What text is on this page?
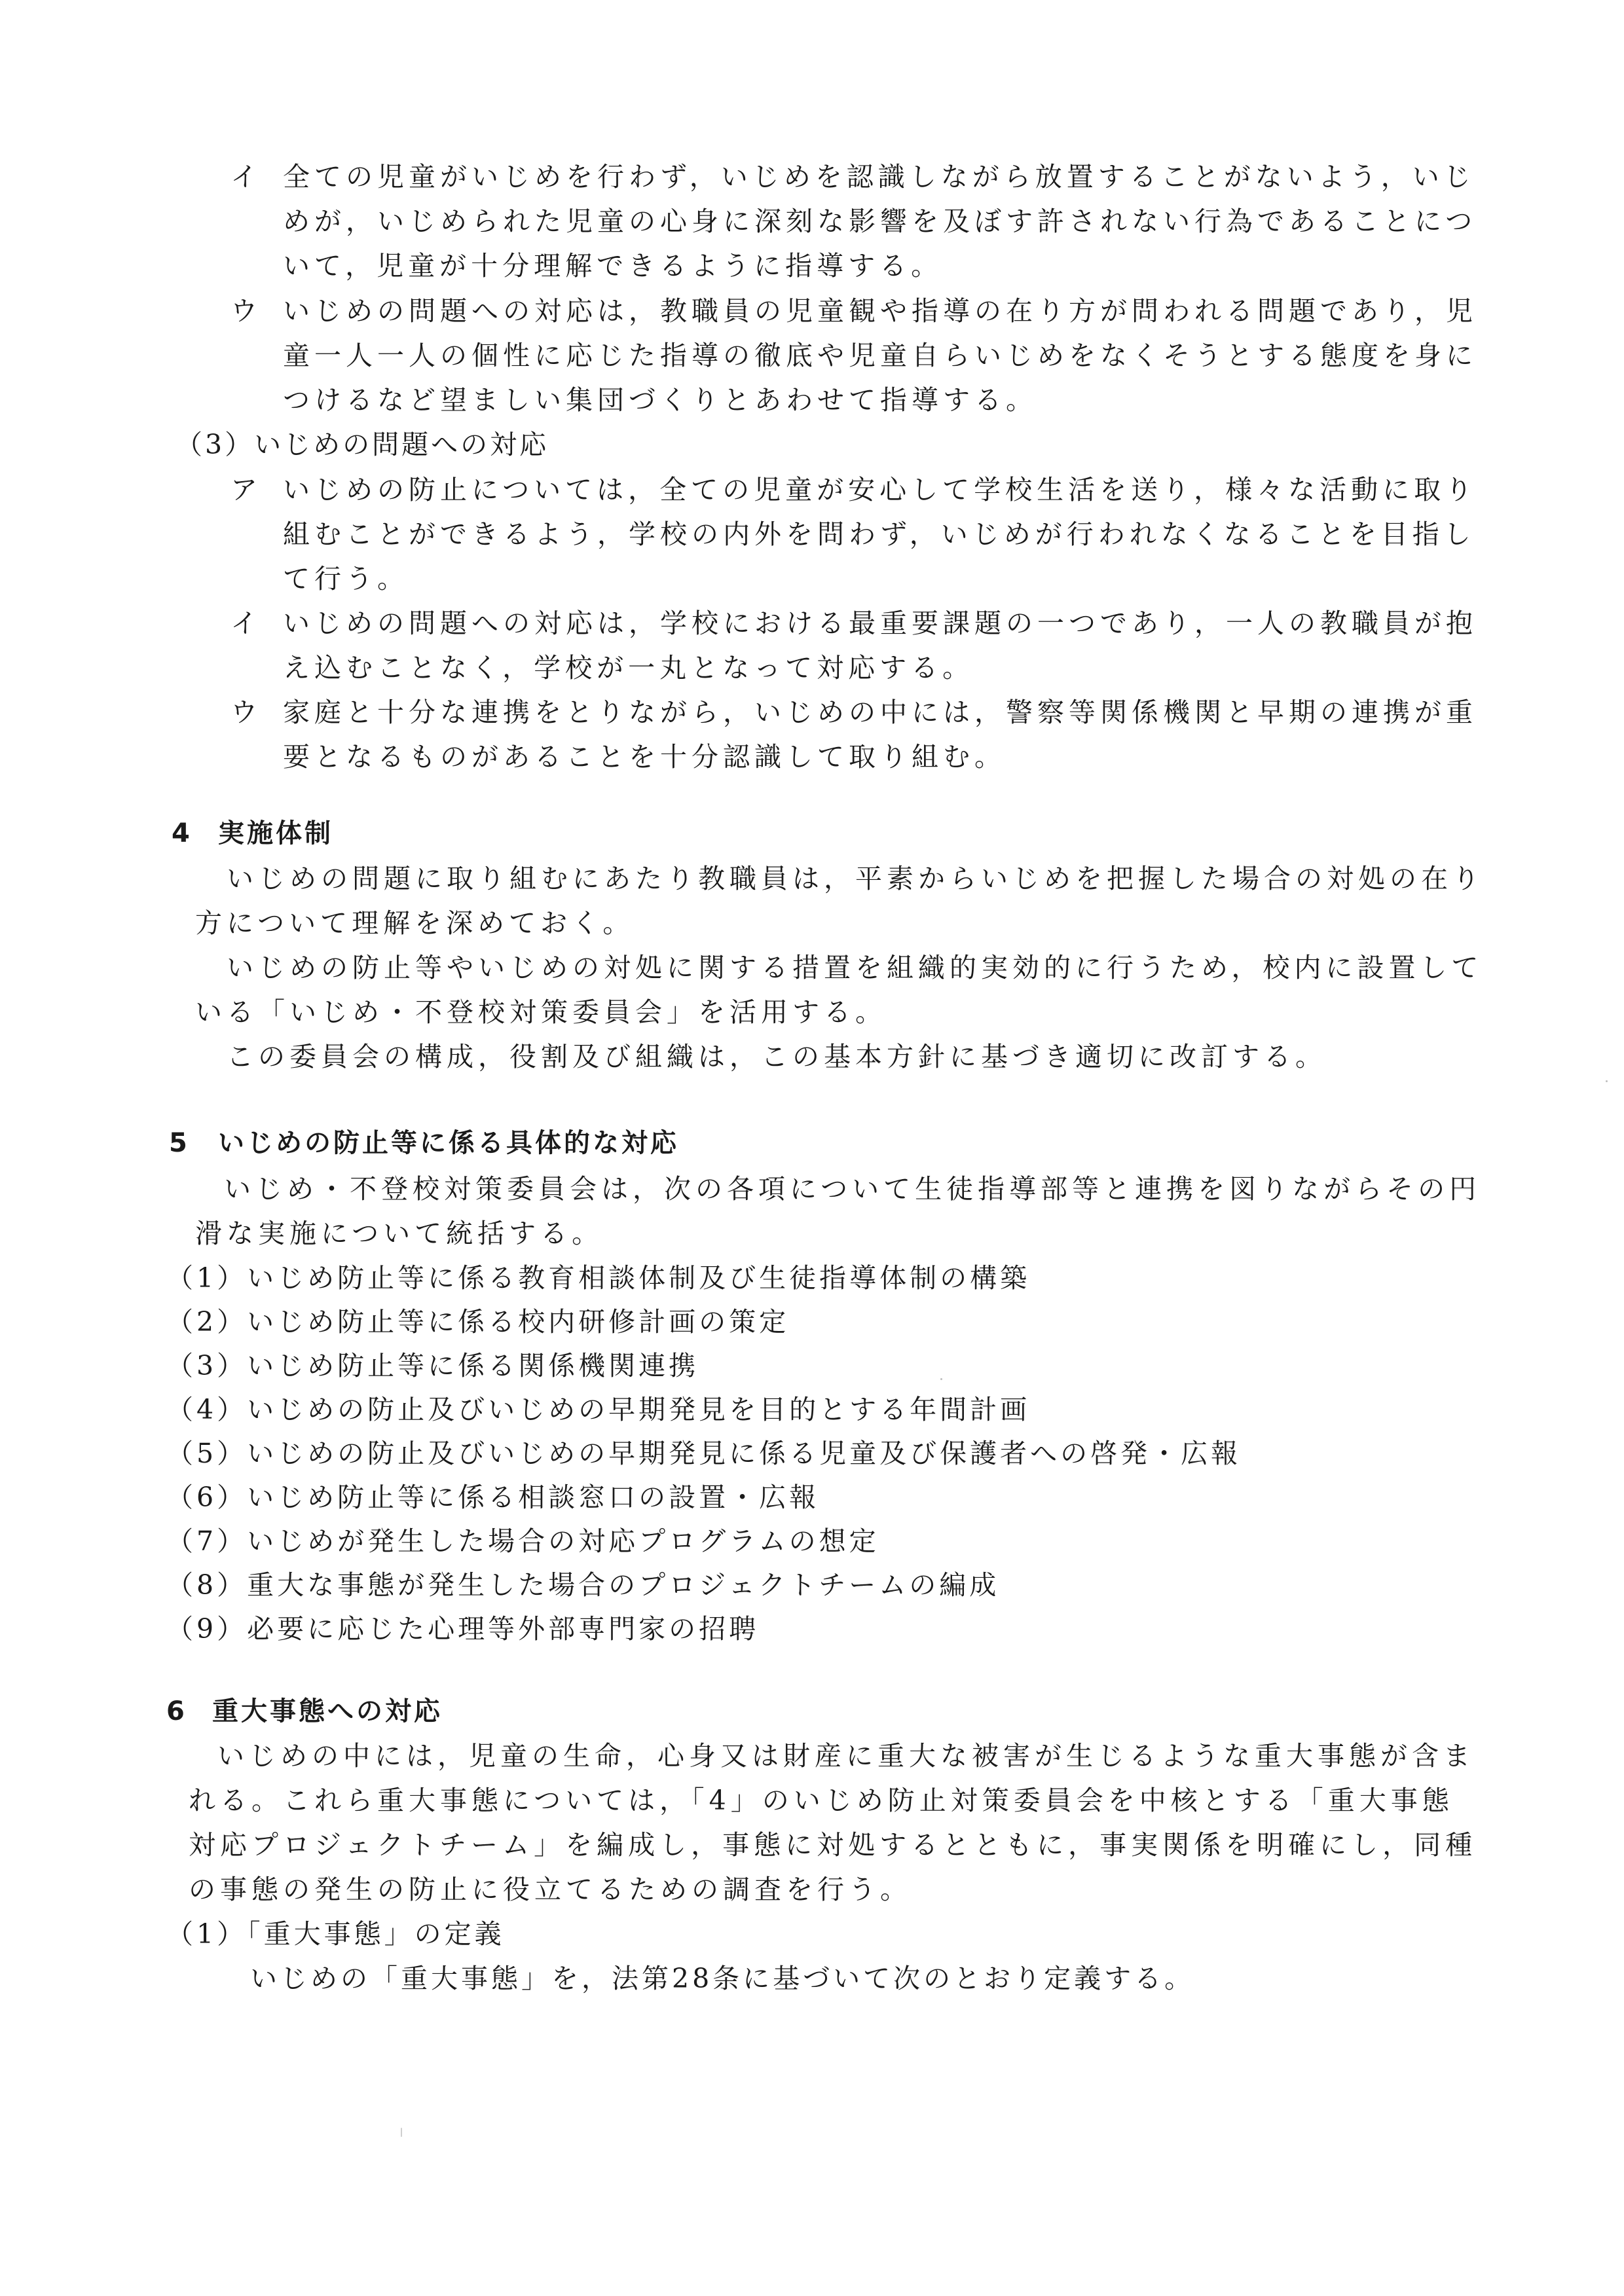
イ 全ての児童がいじめを行わず，いじめを認識しながら放置することがないよう，いじ
めが，いじめられた児童の心身に深刻な影響を及ぼす許されない行為であることにつ
いて，児童が十分理解できるように指導する。
ウ いじめの問題への対応は，教職員の児童観や指導の在り方が問われる問題であり，児
童一人一人の個性に応じた指導の徹底や児童自らいじめをなくそうとする態度を身に
つけるなど望ましい集団づくりとあわせて指導する。
（3）いじめの問題への対応
ア いじめの防止については，全ての児童が安心して学校生活を送り，様々な活動に取り
組むことができるよう，学校の内外を問わず，いじめが行われなくなることを目指し
て行う。
イ いじめの問題への対応は，学校における最重要課題の一つであり，一人の教職員が抱
え込むことなく，学校が一丸となって対応する。
ウ 家庭と十分な連携をとりながら，いじめの中には，警察等関係機関と早期の連携が重
要となるものがあることを十分認識して取り組む。
4 実施体制
いじめの問題に取り組むにあたり教職員は，平素からいじめを把握した場合の対処の在り
方について理解を深めておく。
いじめの防止等やいじめの対処に関する措置を組織的実効的に行うため，校内に設置して
いる「いじめ・不登校対策委員会」を活用する。
この委員会の構成，役割及び組織は，この基本方針に基づき適切に改訂する。
5 いじめの防止等に係る具体的な対応
いじめ・不登校対策委員会は，次の各項について生徒指導部等と連携を図りながらその円
滑な実施について統括する。
（1）いじめ防止等に係る教育相談体制及び生徒指導体制の構築
（2）いじめ防止等に係る校内研修計画の策定
（3）いじめ防止等に係る関係機関連携
（4）いじめの防止及びいじめの早期発見を目的とする年間計画
（5）いじめの防止及びいじめの早期発見に係る児童及び保護者への啓発・広報
（6）いじめ防止等に係る相談窓口の設置・広報
（7）いじめが発生した場合の対応プログラムの想定
（8）重大な事態が発生した場合のプロジェクトチームの編成
（9）必要に応じた心理等外部専門家の招聘
6 重大事態への対応
いじめの中には，児童の生命，心身又は財産に重大な被害が生じるような重大事態が含ま
れる。これら重大事態については，「4」のいじめ防止対策委員会を中核とする「重大事態
対応プロジェクトチーム」を編成し，事態に対処するとともに，事実関係を明確にし，同種
の事態の発生の防止に役立てるための調査を行う。
（1）「重大事態」の定義
いじめの「重大事態」を，法第28条に基づいて次のとおり定義する。
